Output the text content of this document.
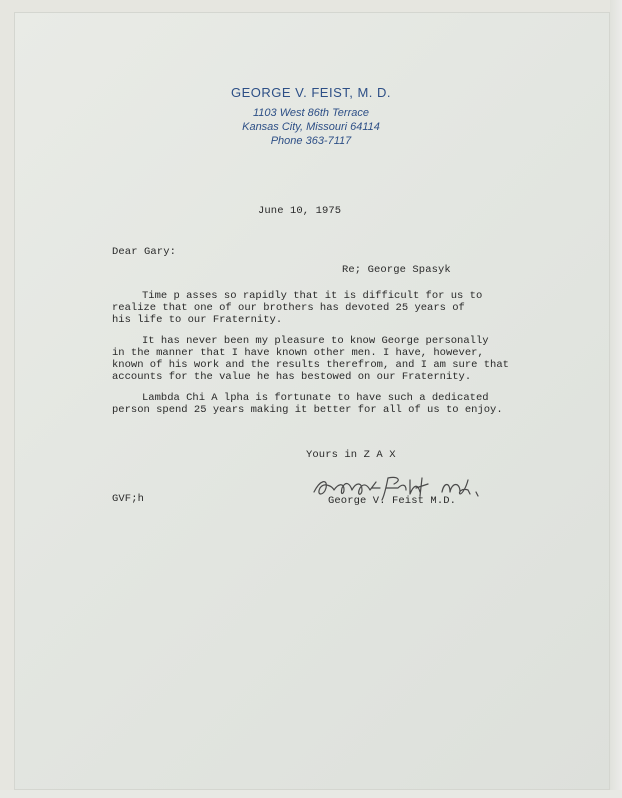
GEORGE V. FEIST, M. D.
1103 West 86th Terrace
Kansas City, Missouri 64114
Phone 363-7117
June 10, 1975
Dear Gary:
Re; George Spasyk
Time p asses so rapidly that it is difficult for us to
realize that one of our brothers has devoted 25 years of
his life to our Fraternity.
It has never been my pleasure to know George personally
in the manner that I have known other men. I have, however,
known of his work and the results therefrom, and I am sure that
accounts for the value he has bestowed on our Fraternity.
Lambda Chi A lpha is fortunate to have such a dedicated
person spend 25 years making it better for all of us to enjoy.
Yours in Z A X
George V. Feist M.D.
GVF;h
